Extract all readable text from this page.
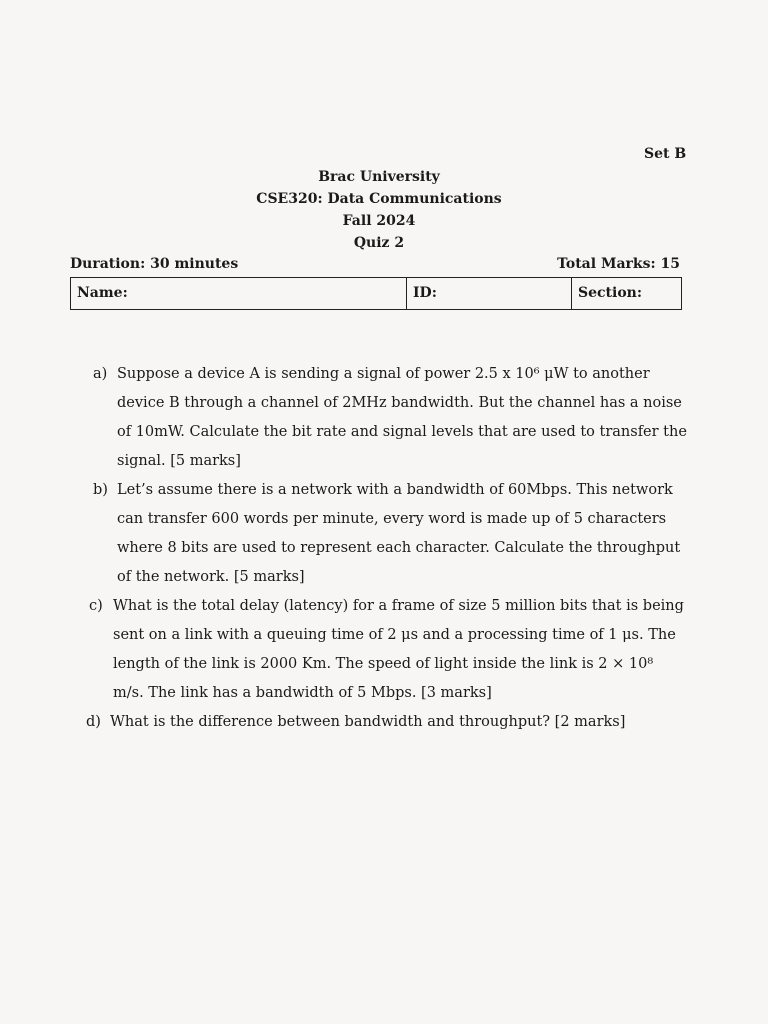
Set B
Brac University
CSE320: Data Communications
Fall 2024
Quiz 2
Duration: 30 minutes	Total Marks: 15
Name:	ID:	Section:
a) Suppose a device A is sending a signal of power 2.5 x 10⁶ μW to another
device B through a channel of 2MHz bandwidth. But the channel has a noise
of 10mW. Calculate the bit rate and signal levels that are used to transfer the
signal. [5 marks]
b) Let’s assume there is a network with a bandwidth of 60Mbps. This network
can transfer 600 words per minute, every word is made up of 5 characters
where 8 bits are used to represent each character. Calculate the throughput
of the network. [5 marks]
c) What is the total delay (latency) for a frame of size 5 million bits that is being
sent on a link with a queuing time of 2 μs and a processing time of 1 μs. The
length of the link is 2000 Km. The speed of light inside the link is 2 × 10⁸
m/s. The link has a bandwidth of 5 Mbps. [3 marks]
d) What is the difference between bandwidth and throughput? [2 marks]
